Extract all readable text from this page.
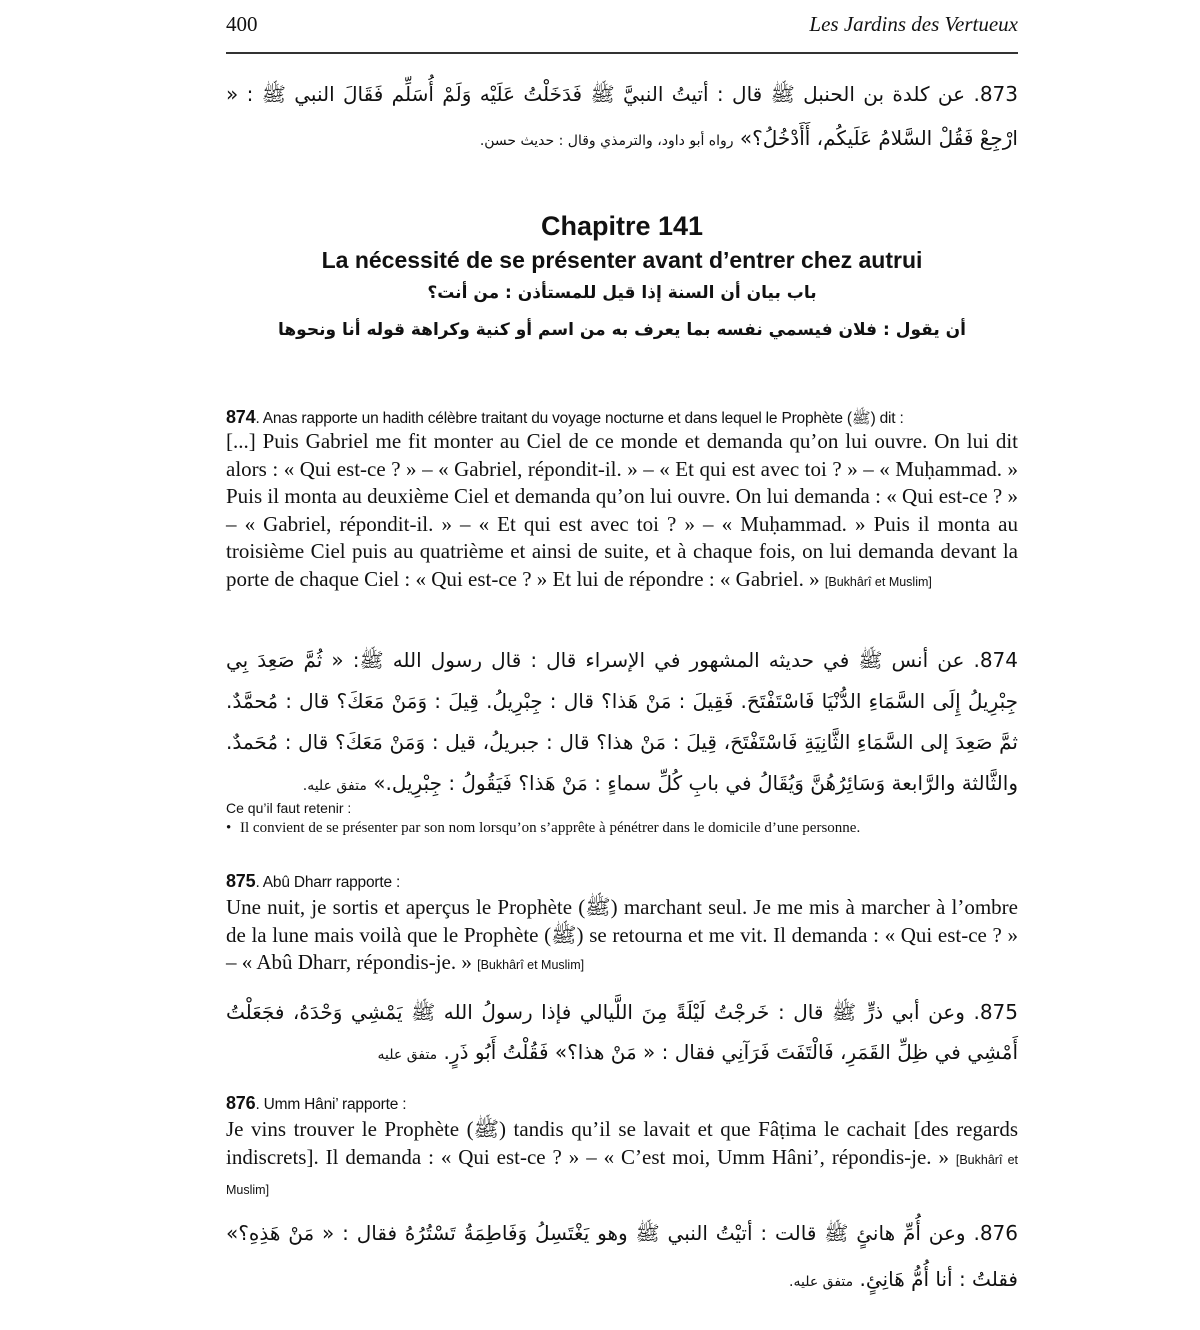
400	Les Jardins des Vertueux
873. عن كلدة بن الحنبل ﷺ قال : أتيتُ النبيَّ ﷺ فَدَخَلْتُ عَلَيْه وَلَمْ أُسَلِّم فَقَالَ النبي ﷺ : « ارْجِعْ فَقُلْ السَّلامُ عَلَيكُم، أَأَدْخُلُ؟» رواه أبو داود، والترمذي وقال : حديث حسن.
Chapitre 141
La nécessité de se présenter avant d’entrer chez autrui
باب بيان أن السنة إذا قيل للمستأذن : من أنت؟
أن يقول : فلان فيسمي نفسه بما يعرف به من اسم أو كنية وكراهة قوله أنا ونحوها
874. Anas rapporte un hadith célèbre traitant du voyage nocturne et dans lequel le Prophète (ﷺ) dit :
[...] Puis Gabriel me fit monter au Ciel de ce monde et demanda qu’on lui ouvre. On lui dit alors : « Qui est-ce ? » – « Gabriel, répondit-il. » – « Et qui est avec toi ? » – « Muḥammad. » Puis il monta au deuxième Ciel et demanda qu’on lui ouvre. On lui demanda : « Qui est-ce ? » – « Gabriel, répondit-il. » – « Et qui est avec toi ? » – « Muḥammad. » Puis il monta au troisième Ciel puis au quatrième et ainsi de suite, et à chaque fois, on lui demanda devant la porte de chaque Ciel : « Qui est-ce ? » Et lui de répondre : « Gabriel. » [Bukhârî et Muslim]
874. عن أنس ﷺ في حديثه المشهور في الإسراء قال : قال رسول الله ﷺ: « ثُمَّ صَعِدَ بِي جِبْرِيلُ إِلَى السَّمَاءِ الدُّنْيَا فَاسْتَفْتَحَ. فَقِيلَ : مَنْ هَذا؟ قال : جِبْرِيلُ. قِيلَ : وَمَنْ مَعَكَ؟ قال : مُحمَّدٌ. ثمَّ صَعِدَ إلى السَّمَاءِ الثَّانِيَةِ فَاسْتَفْتَحَ، قِيلَ : مَنْ هذا؟ قال : جبريلُ، قيل : وَمَنْ مَعَكَ؟ قال : مُحَمدٌ. والثَّالثة والرَّابعة وَسَائِرُهُنَّ وَيُقَالُ في بابِ كُلِّ سماءٍ : مَنْ هَذا؟ فَيَقُولُ : جِبْرِيل.» متفق عليه.
Ce qu’il faut retenir :
• Il convient de se présenter par son nom lorsqu’on s’apprête à pénétrer dans le domicile d’une personne.
875. Abû Dharr rapporte :
Une nuit, je sortis et aperçus le Prophète (ﷺ) marchant seul. Je me mis à marcher à l’ombre de la lune mais voilà que le Prophète (ﷺ) se retourna et me vit. Il demanda : « Qui est-ce ? » – « Abû Dharr, répondis-je. » [Bukhârî et Muslim]
875. وعن أبي ذرٍّ ﷺ قال : خَرجْتُ لَيْلَةً مِنَ اللَّيالي فإذا رسولُ الله ﷺ يَمْشِي وَحْدَهُ، فجَعَلْتُ أَمْشِي في ظِلِّ القَمَرِ، فَالْتَفَتَ فَرَآنِي فقال : « مَنْ هذا؟» فَقُلْتُ أَبُو ذَرٍ. متفق عليه
876. Umm Hâni’ rapporte :
Je vins trouver le Prophète (ﷺ) tandis qu’il se lavait et que Fâṭima le cachait [des regards indiscrets]. Il demanda : « Qui est-ce ? » – « C’est moi, Umm Hâni’, répondis-je. » [Bukhârî et Muslim]
876. وعن أُمِّ هانئٍ ﷺ قالت : أتيْتُ النبي ﷺ وهو يَغْتَسِلُ وَفَاطِمَةُ تَسْتُرُهُ فقال : « مَنْ هَذِهِ؟» فقلتُ : أنا أُمُّ هَانِئٍ. متفق عليه.
